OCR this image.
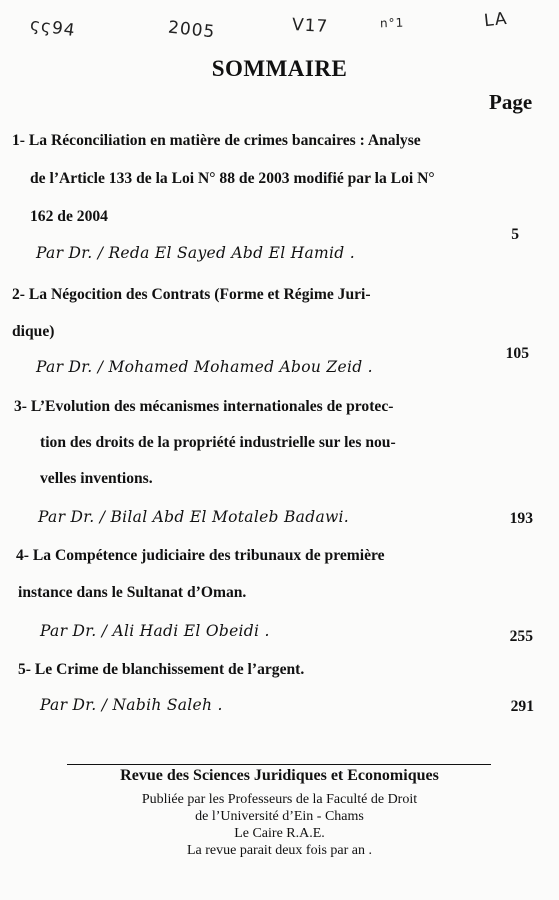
ςς94	2005	V17	n°1	LA
SOMMAIRE
Page
1- La Réconciliation en matière de crimes bancaires : Analyse
de l’Article 133 de la Loi N° 88 de 2003 modifié par la Loi N°
162 de 2004
Par Dr. / Reda El Sayed Abd El Hamid .
5
2- La Négocition des Contrats (Forme et Régime Juri-
dique)
Par Dr. / Mohamed Mohamed Abou Zeid .
105
3- L’Evolution des mécanismes internationales de protec-
tion des droits de la propriété industrielle sur les nou-
velles inventions.
Par Dr. / Bilal Abd El Motaleb Badawi.	193
4- La Compétence judiciaire des tribunaux de première
instance dans le Sultanat d’Oman.
Par Dr. / Ali Hadi El Obeidi .	255
5- Le Crime de blanchissement de l’argent.
Par Dr. / Nabih Saleh .	291
Revue des Sciences Juridiques et Economiques
Publiée par les Professeurs de la Faculté de Droit
de l’Université d’Ein - Chams
Le Caire R.A.E.
La revue parait deux fois par an .
